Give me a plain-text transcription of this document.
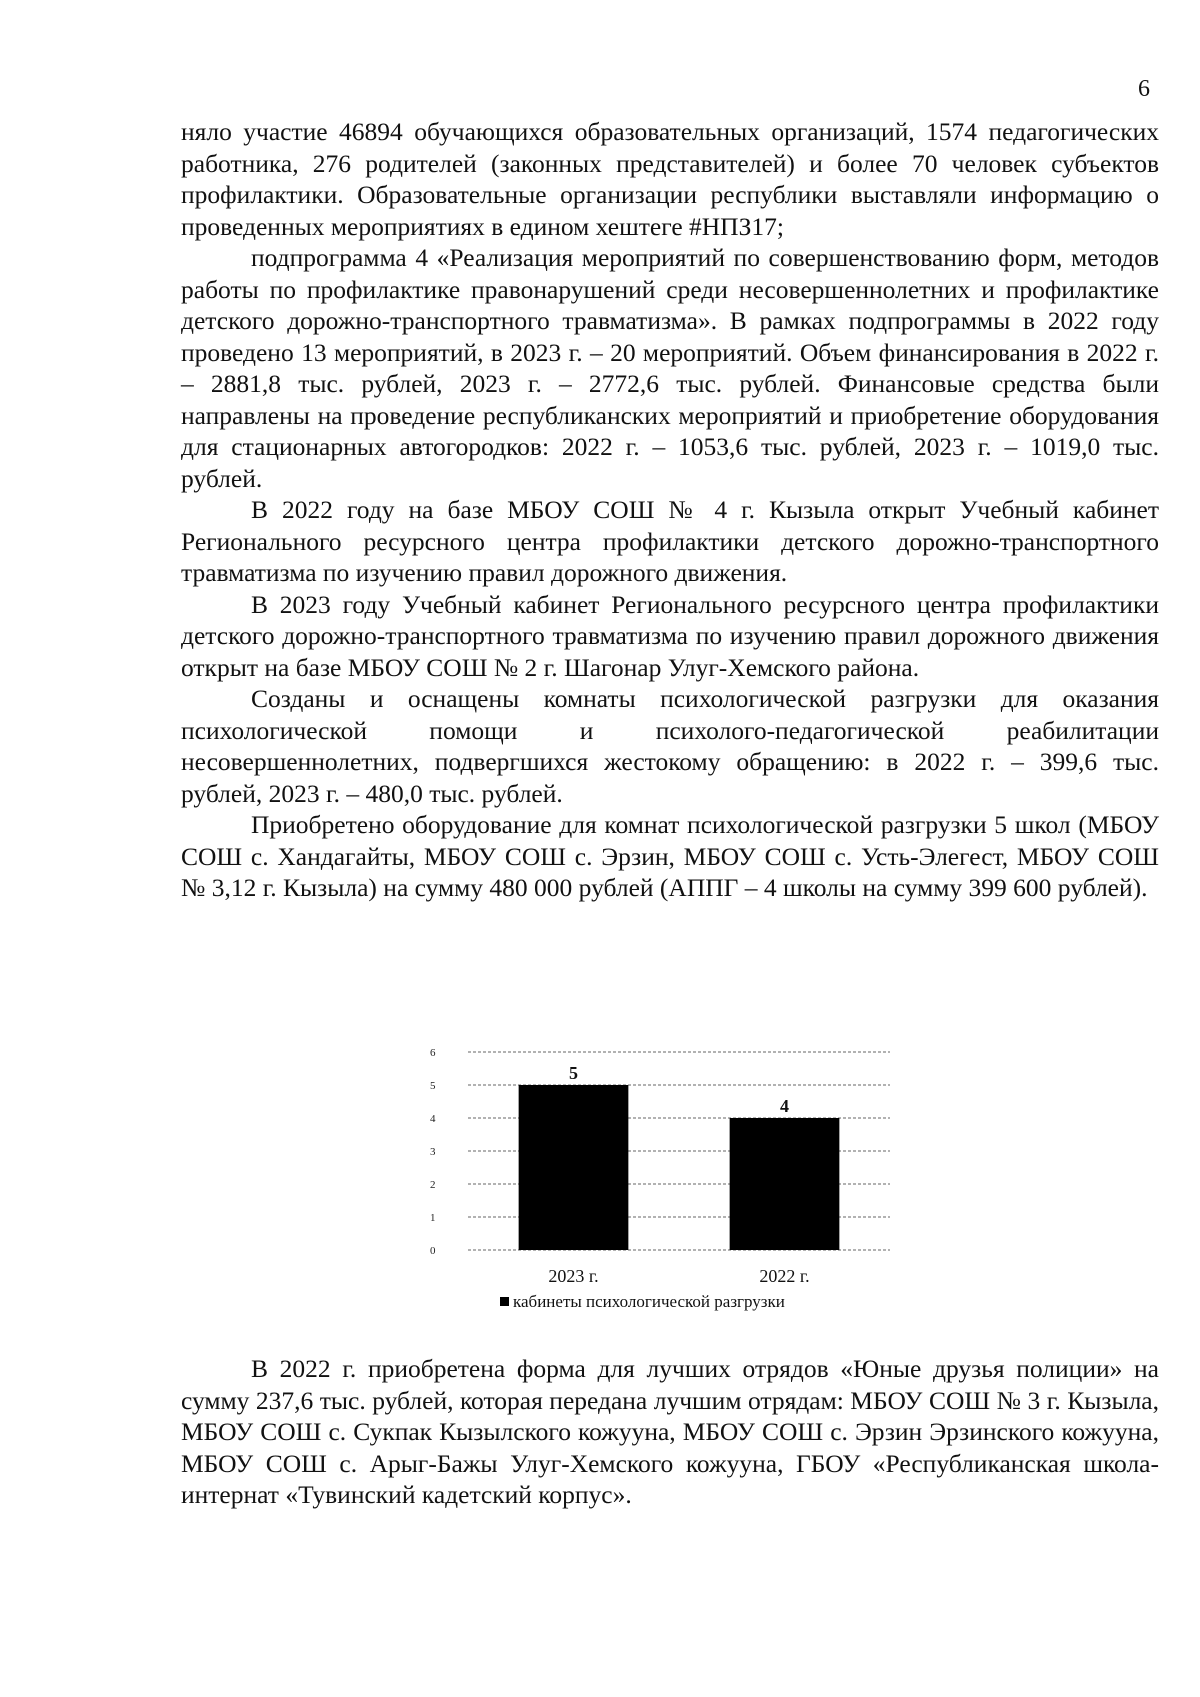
6

няло участие 46894 обучающихся образовательных организаций, 1574 педагогических работника, 276 родителей (законных представителей) и более 70 человек субъектов профилактики. Образовательные организации республики выставляли информацию о проведенных мероприятиях в едином хештеге #НПЗ17;

подпрограмма 4 «Реализация мероприятий по совершенствованию форм, методов работы по профилактике правонарушений среди несовершеннолетних и профилактике детского дорожно-транспортного травматизма». В рамках подпрограммы в 2022 году проведено 13 мероприятий, в 2023 г. – 20 мероприятий. Объем финансирования в 2022 г. – 2881,8 тыс. рублей, 2023 г. – 2772,6 тыс. рублей. Финансовые средства были направлены на проведение республиканских мероприятий и приобретение оборудования для стационарных автогородков: 2022 г. – 1053,6 тыс. рублей, 2023 г. – 1019,0 тыс. рублей.

В 2022 году на базе МБОУ СОШ № 4 г. Кызыла открыт Учебный кабинет Регионального ресурсного центра профилактики детского дорожно-транспортного травматизма по изучению правил дорожного движения.

В 2023 году Учебный кабинет Регионального ресурсного центра профилактики детского дорожно-транспортного травматизма по изучению правил дорожного движения открыт на базе МБОУ СОШ № 2 г. Шагонар Улуг-Хемского района.

Созданы и оснащены комнаты психологической разгрузки для оказания психологической помощи и психолого-педагогической реабилитации несовершеннолетних, подвергшихся жестокому обращению: в 2022 г. – 399,6 тыс. рублей, 2023 г. – 480,0 тыс. рублей.

Приобретено оборудование для комнат психологической разгрузки 5 школ (МБОУ СОШ с. Хандагайты, МБОУ СОШ с. Эрзин, МБОУ СОШ с. Усть-Элегест, МБОУ СОШ № 3,12 г. Кызыла) на сумму 480 000 рублей (АППГ – 4 школы на сумму 399 600 рублей).

0
1
2
3
4
5
6
5
2023 г.
4
2022 г.
кабинеты психологической разгрузки

В 2022 г. приобретена форма для лучших отрядов «Юные друзья полиции» на сумму 237,6 тыс. рублей, которая передана лучшим отрядам: МБОУ СОШ № 3 г. Кызыла, МБОУ СОШ с. Сукпак Кызылского кожууна, МБОУ СОШ с. Эрзин Эрзинского кожууна, МБОУ СОШ с. Арыг-Бажы Улуг-Хемского кожууна, ГБОУ «Республиканская школа-интернат «Тувинский кадетский корпус».
